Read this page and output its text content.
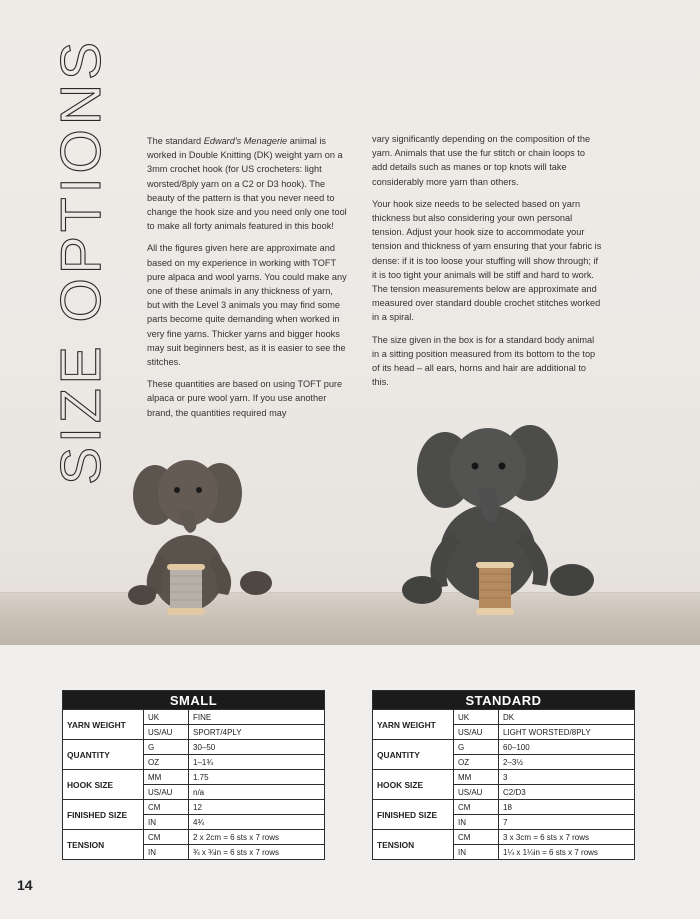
SIZE OPTIONS	The standard Edward's Menagerie animal is worked in Double Knitting (DK) weight yarn on a 3mm crochet hook (for US crocheters: light worsted/8ply yarn on a C2 or D3 hook). The beauty of the pattern is that you never need to change the hook size and you need only one tool to make all forty animals featured in this book!

All the figures given here are approximate and based on my experience in working with TOFT pure alpaca and wool yarns. You could make any one of these animals in any thickness of yarn, but with the Level 3 animals you may find some parts become quite demanding when worked in very fine yarns. Thicker yarns and bigger hooks may suit beginners best, as it is easier to see the stitches.

These quantities are based on using TOFT pure alpaca or pure wool yarn. If you use another brand, the quantities required may

vary significantly depending on the composition of the yarn. Animals that use the fur stitch or chain loops to add details such as manes or top knots will take considerably more yarn than others.

Your hook size needs to be selected based on yarn thickness but also considering your own personal tension. Adjust your hook size to accommodate your tension and thickness of yarn ensuring that your fabric is dense: if it is too loose your stuffing will show through; if it is too tight your animals will be stiff and hard to work. The tension measurements below are approximate and measured over standard double crochet stitches worked in a spiral.

The size given in the box is for a standard body animal in a sitting position measured from its bottom to the top of its head – all ears, horns and hair are additional to this.

SMALL		
YARN WEIGHT	UK	FINE
	US/AU	SPORT/4PLY
QUANTITY	G	30–50
	OZ	1–1¾
HOOK SIZE	MM	1.75
	US/AU	n/a
FINISHED SIZE	CM	12
	IN	4¾
TENSION	CM	2 x 2cm = 6 sts x 7 rows
	IN	¾ x ¾in = 6 sts x 7 rows
STANDARD		
YARN WEIGHT	UK	DK
	US/AU	LIGHT WORSTED/8PLY
QUANTITY	G	60–100
	OZ	2–3½
HOOK SIZE	MM	3
	US/AU	C2/D3
FINISHED SIZE	CM	18
	IN	7
TENSION	CM	3 x 3cm = 6 sts x 7 rows
	IN	1¼ x 1¼in = 6 sts x 7 rows
14
